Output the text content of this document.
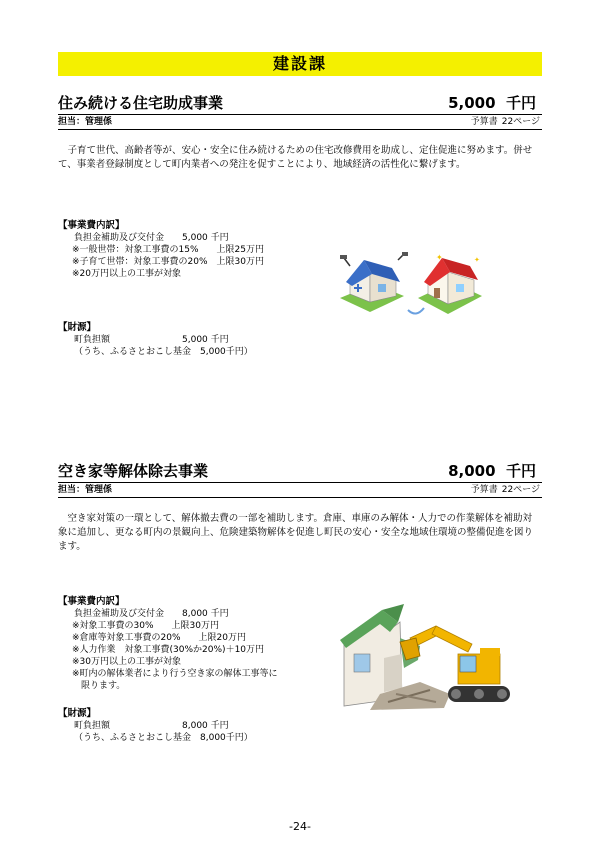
建設課
住み続ける住宅助成事業	5,000 千円
担当：管理係	予算書 22ページ
子育て世代、高齢者等が、安心・安全に住み続けるための住宅改修費用を助成し、定住促進に努めます。併せて、事業者登録制度として町内業者への発注を促すことにより、地域経済の活性化に繋げます。
【事業費内訳】
負担金補助及び交付金　　5,000 千円
※一般世帯：対象工事費の15%　　上限25万円
※子育て世帯：対象工事費の20%　上限30万円
※20万円以上の工事が対象
【財源】
町負担額　　　　　　　　5,000 千円
（うち、ふるさとおこし基金　5,000千円）
✦	✦
空き家等解体除去事業	8,000 千円
担当：管理係	予算書 22ページ
空き家対策の一環として、解体撤去費の一部を補助します。倉庫、車庫のみ解体・人力での作業解体を補助対象に追加し、更なる町内の景観向上、危険建築物解体を促進し町民の安心・安全な地域住環境の整備促進を図ります。
【事業費内訳】
負担金補助及び交付金　　8,000 千円
※対象工事費の30%　　上限30万円
※倉庫等対象工事費の20%　　上限20万円
※人力作業　対象工事費(30%か20%)＋10万円
※30万円以上の工事が対象
※町内の解体業者により行う空き家の解体工事等に
　限ります。
【財源】
町負担額　　　　　　　　8,000 千円
（うち、ふるさとおこし基金　8,000千円）
-24-
